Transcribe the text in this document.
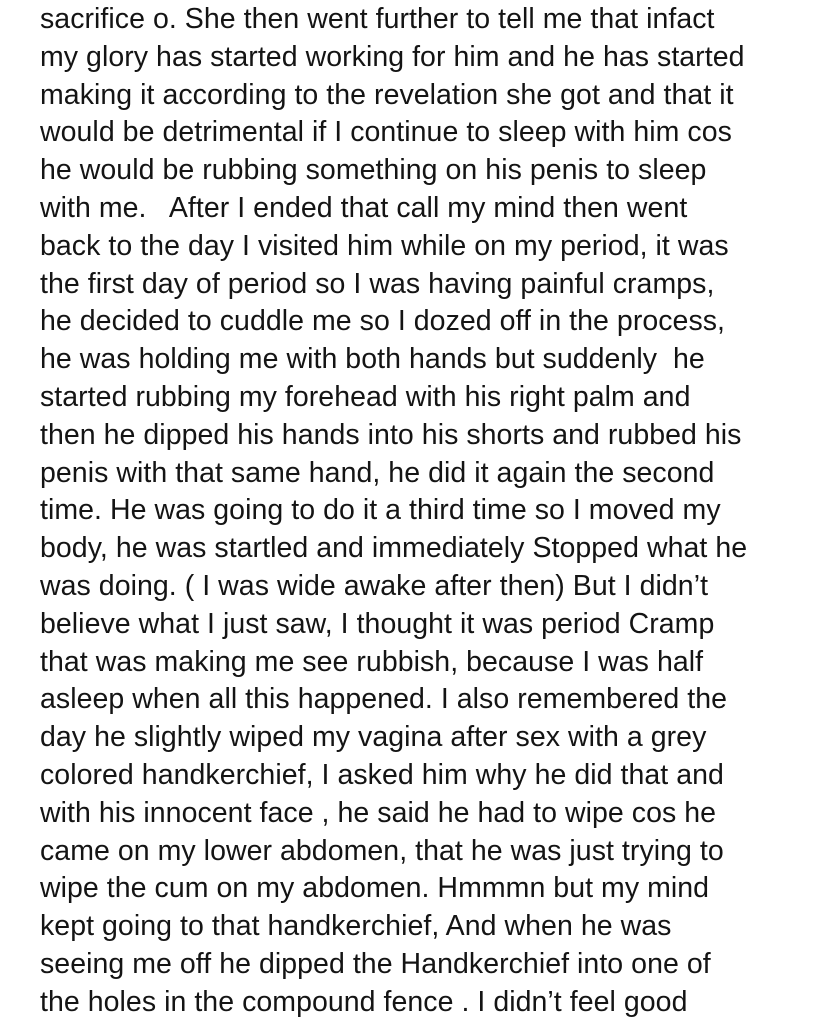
sacrifice o. She then went further to tell me that infact
my glory has started working for him and he has started
making it according to the revelation she got and that it
would be detrimental if I continue to sleep with him cos
he would be rubbing something on his penis to sleep
with me.   After I ended that call my mind then went
back to the day I visited him while on my period, it was
the first day of period so I was having painful cramps,
he decided to cuddle me so I dozed off in the process,
he was holding me with both hands but suddenly  he
started rubbing my forehead with his right palm and
then he dipped his hands into his shorts and rubbed his
penis with that same hand, he did it again the second
time. He was going to do it a third time so I moved my
body, he was startled and immediately Stopped what he
was doing. ( I was wide awake after then) But I didn’t
believe what I just saw, I thought it was period Cramp
that was making me see rubbish, because I was half
asleep when all this happened. I also remembered the
day he slightly wiped my vagina after sex with a grey
colored handkerchief, I asked him why he did that and
with his innocent face , he said he had to wipe cos he
came on my lower abdomen, that he was just trying to
wipe the cum on my abdomen. Hmmmn but my mind
kept going to that handkerchief, And when he was
seeing me off he dipped the Handkerchief into one of
the holes in the compound fence . I didn’t feel good
